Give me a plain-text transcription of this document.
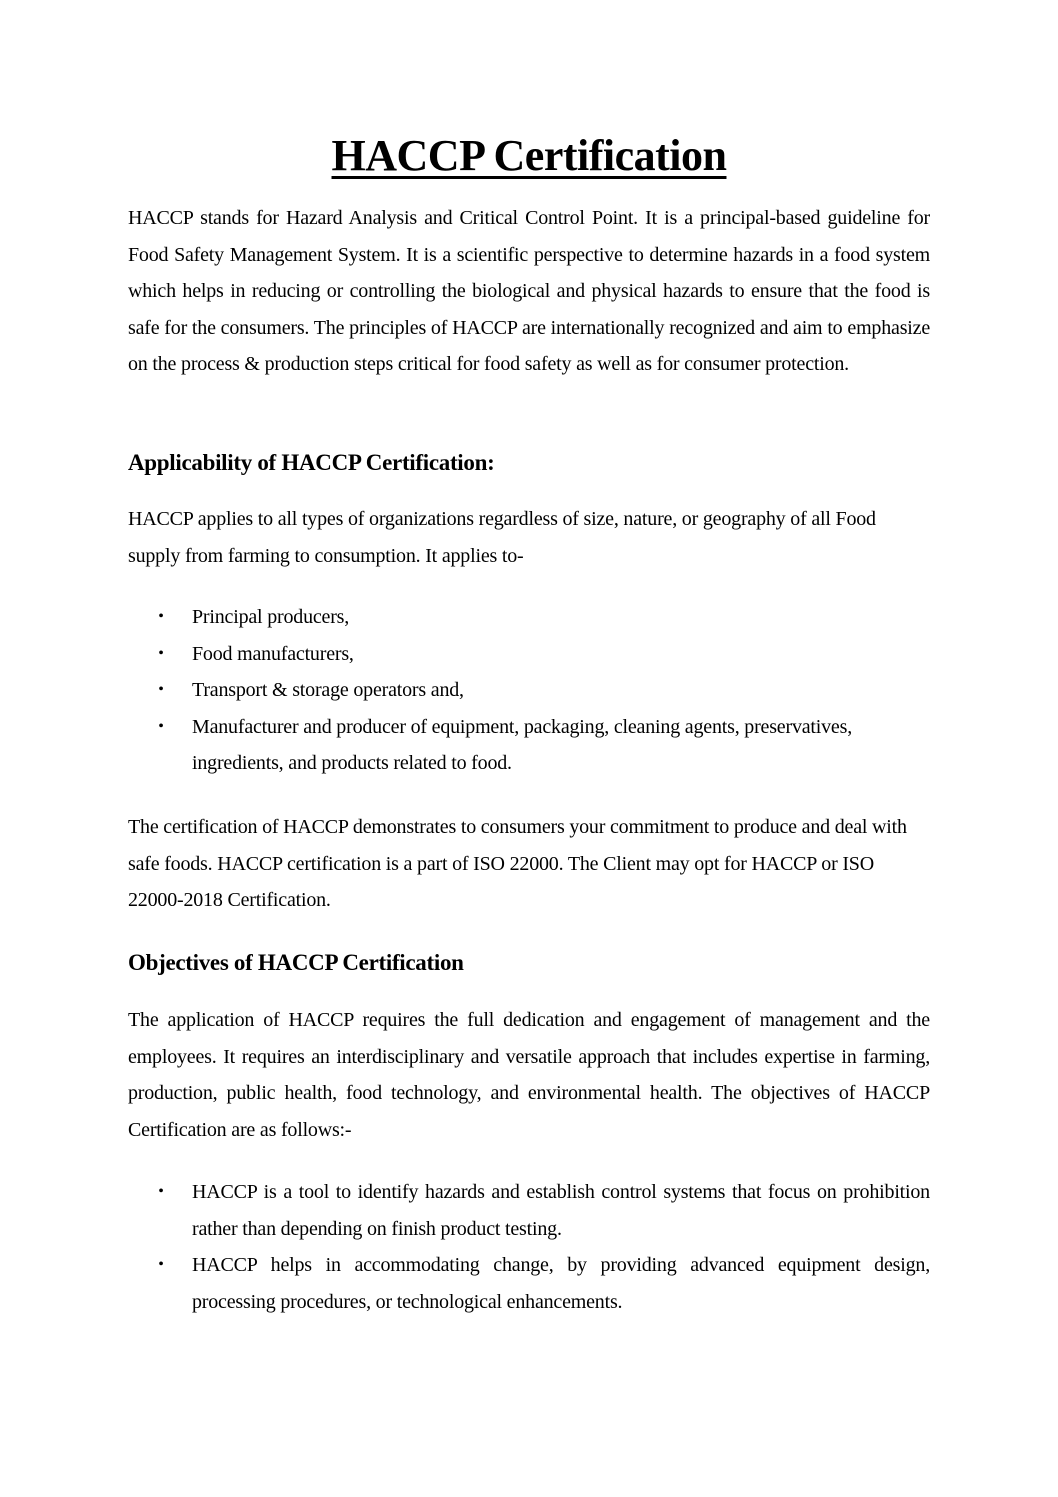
HACCP Certification

HACCP stands for Hazard Analysis and Critical Control Point. It is a principal-based guideline for Food Safety Management System. It is a scientific perspective to determine hazards in a food system which helps in reducing or controlling the biological and physical hazards to ensure that the food is safe for the consumers. The principles of HACCP are internationally recognized and aim to emphasize on the process & production steps critical for food safety as well as for consumer protection.

Applicability of HACCP Certification:

HACCP applies to all types of organizations regardless of size, nature, or geography of all Food supply from farming to consumption. It applies to-

• Principal producers,
• Food manufacturers,
• Transport & storage operators and,
• Manufacturer and producer of equipment, packaging, cleaning agents, preservatives, ingredients, and products related to food.

The certification of HACCP demonstrates to consumers your commitment to produce and deal with safe foods. HACCP certification is a part of ISO 22000. The Client may opt for HACCP or ISO 22000-2018 Certification.

Objectives of HACCP Certification

The application of HACCP requires the full dedication and engagement of management and the employees. It requires an interdisciplinary and versatile approach that includes expertise in farming, production, public health, food technology, and environmental health. The objectives of HACCP Certification are as follows:-

• HACCP is a tool to identify hazards and establish control systems that focus on prohibition rather than depending on finish product testing.
• HACCP helps in accommodating change, by providing advanced equipment design, processing procedures, or technological enhancements.
